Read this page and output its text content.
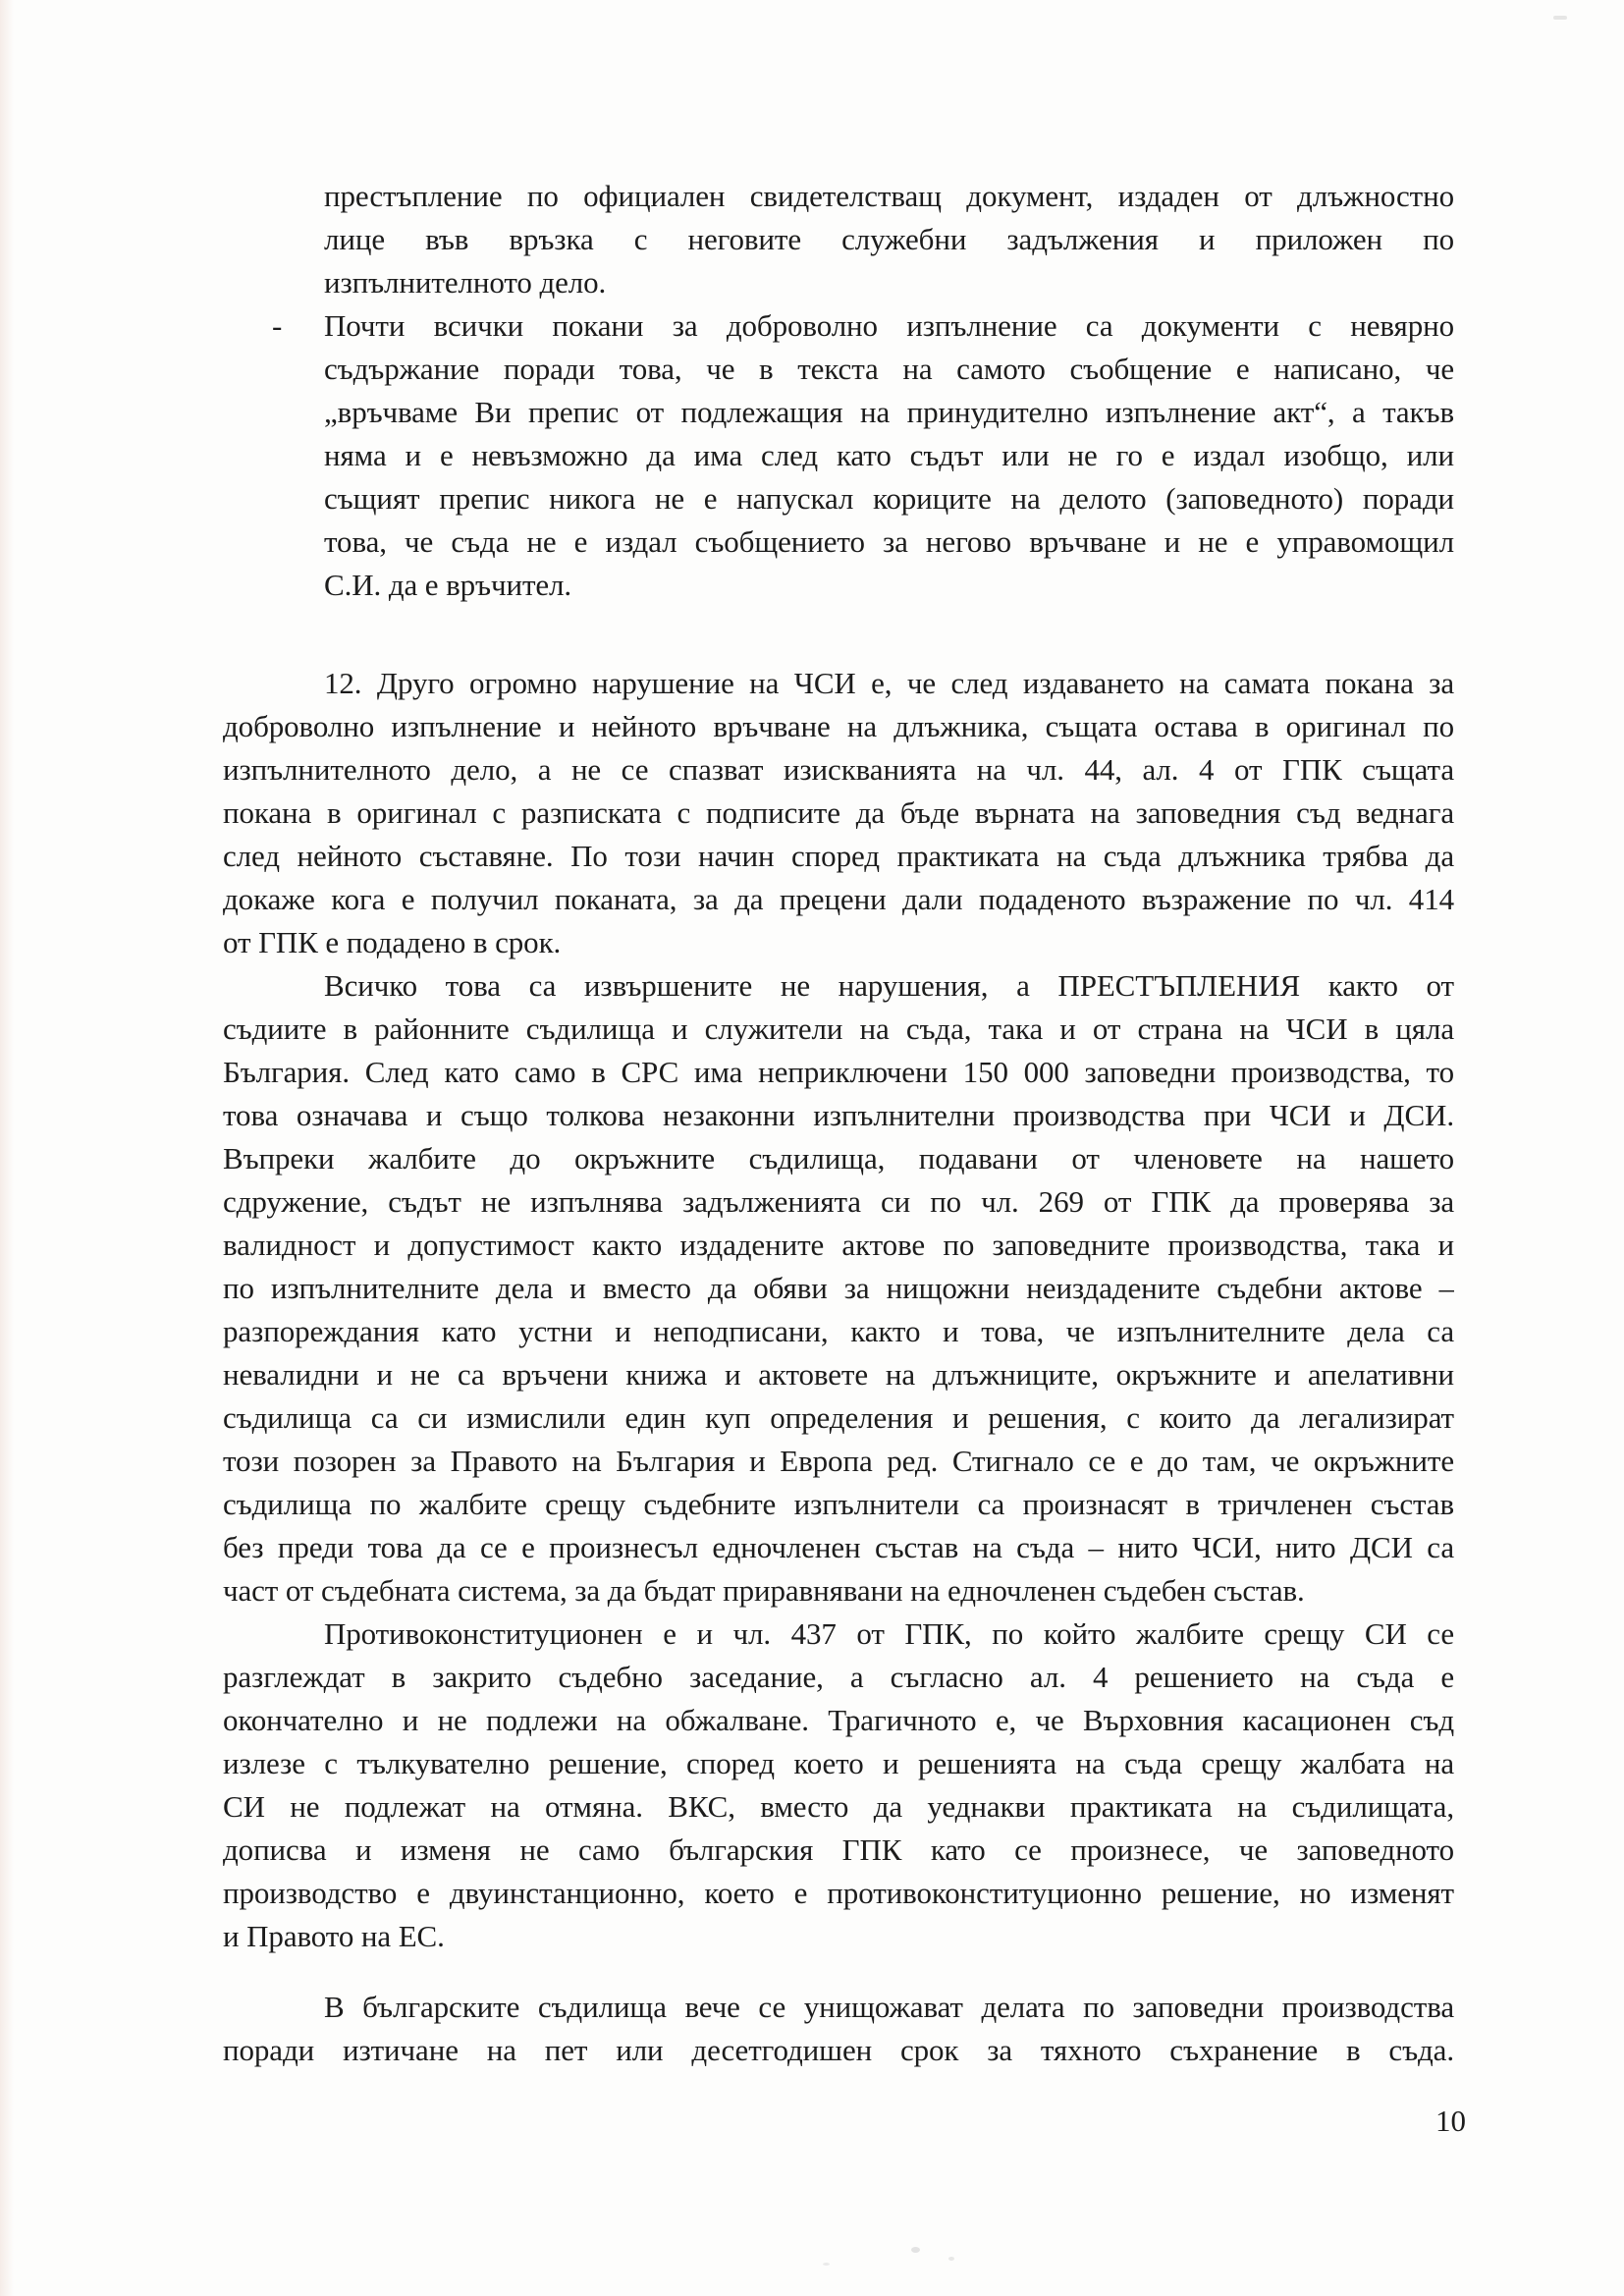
престъпление по официален свидетелстващ документ, издаден от длъжностно
лице във връзка с неговите служебни задължения и приложен по
изпълнителното дело.
- Почти всички покани за доброволно изпълнение са документи с невярно
съдържание поради това, че в текста на самото съобщение е написано, че
„връчваме Ви препис от подлежащия на принудително изпълнение акт“, а такъв
няма и е невъзможно да има след като съдът или не го е издал изобщо, или
същият препис никога не е напускал кориците на делото (заповедното) поради
това, че съда не е издал съобщението за негово връчване и не е управомощил
С.И. да е връчител.
12. Друго огромно нарушение на ЧСИ е, че след издаването на самата покана за
доброволно изпълнение и нейното връчване на длъжника, същата остава в оригинал по
изпълнителното дело, а не се спазват изискванията на чл. 44, ал. 4 от ГПК същата
покана в оригинал с разписката с подписите да бъде върната на заповедния съд веднага
след нейното съставяне. По този начин според практиката на съда длъжника трябва да
докаже кога е получил поканата, за да прецени дали подаденото възражение по чл. 414
от ГПК е подадено в срок.
Всичко това са извършените не нарушения, а ПРЕСТЪПЛЕНИЯ както от
съдиите в районните съдилища и служители на съда, така и от страна на ЧСИ в цяла
България. След като само в СРС има неприключени 150 000 заповедни производства, то
това означава и също толкова незаконни изпълнителни производства при ЧСИ и ДСИ.
Въпреки жалбите до окръжните съдилища, подавани от членовете на нашето
сдружение, съдът не изпълнява задълженията си по чл. 269 от ГПК да проверява за
валидност и допустимост както издадените актове по заповедните производства, така и
по изпълнителните дела и вместо да обяви за нищожни неиздадените съдебни актове –
разпореждания като устни и неподписани, както и това, че изпълнителните дела са
невалидни и не са връчени книжа и актовете на длъжниците, окръжните и апелативни
съдилища са си измислили един куп определения и решения, с които да легализират
този позорен за Правото на България и Европа ред. Стигнало се е до там, че окръжните
съдилища по жалбите срещу съдебните изпълнители са произнасят в тричленен състав
без преди това да се е произнесъл едночленен състав на съда – нито ЧСИ, нито ДСИ са
част от съдебната система, за да бъдат приравнявани на едночленен съдебен състав.
Противоконституционен е и чл. 437 от ГПК, по който жалбите срещу СИ се
разглеждат в закрито съдебно заседание, а съгласно ал. 4 решението на съда е
окончателно и не подлежи на обжалване. Трагичното е, че Върховния касационен съд
излезе с тълкувателно решение, според което и решенията на съда срещу жалбата на
СИ не подлежат на отмяна. ВКС, вместо да уеднакви практиката на съдилищата,
дописва и изменя не само българския ГПК като се произнесе, че заповедното
производство е двуинстанционно, което е противоконституционно решение, но изменят
и Правото на ЕС.
В българските съдилища вече се унищожават делата по заповедни производства
поради изтичане на пет или десетгодишен срок за тяхното съхранение в съда.
10
